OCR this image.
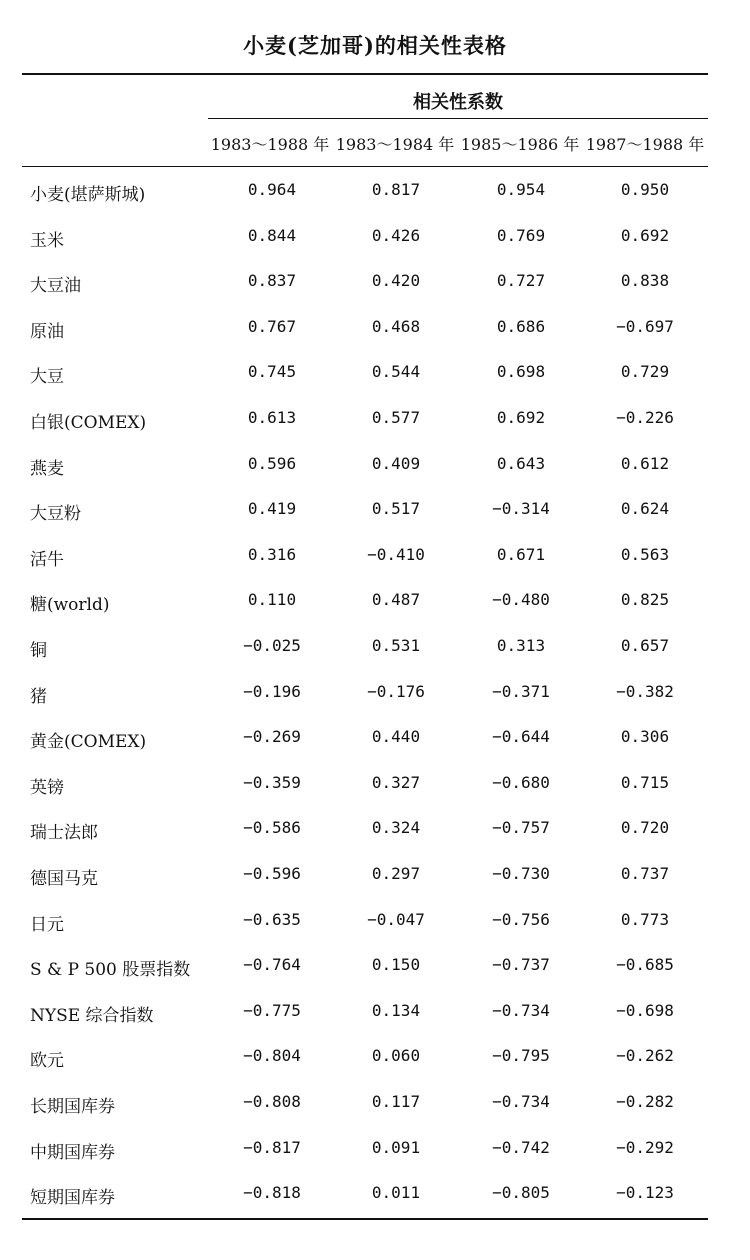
小麦(芝加哥)的相关性表格
相关性系数
1983～1988 年 1983～1984 年 1985～1986 年 1987～1988 年
小麦(堪萨斯城)	0.964	0.817	0.954	0.950
玉米	0.844	0.426	0.769	0.692
大豆油	0.837	0.420	0.727	0.838
原油	0.767	0.468	0.686	−0.697
大豆	0.745	0.544	0.698	0.729
白银(COMEX)	0.613	0.577	0.692	−0.226
燕麦	0.596	0.409	0.643	0.612
大豆粉	0.419	0.517	−0.314	0.624
活牛	0.316	−0.410	0.671	0.563
糖(world)	0.110	0.487	−0.480	0.825
铜	−0.025	0.531	0.313	0.657
猪	−0.196	−0.176	−0.371	−0.382
黄金(COMEX)	−0.269	0.440	−0.644	0.306
英镑	−0.359	0.327	−0.680	0.715
瑞士法郎	−0.586	0.324	−0.757	0.720
德国马克	−0.596	0.297	−0.730	0.737
日元	−0.635	−0.047	−0.756	0.773
S & P 500 股票指数	−0.764	0.150	−0.737	−0.685
NYSE 综合指数	−0.775	0.134	−0.734	−0.698
欧元	−0.804	0.060	−0.795	−0.262
长期国库券	−0.808	0.117	−0.734	−0.282
中期国库券	−0.817	0.091	−0.742	−0.292
短期国库券	−0.818	0.011	−0.805	−0.123
